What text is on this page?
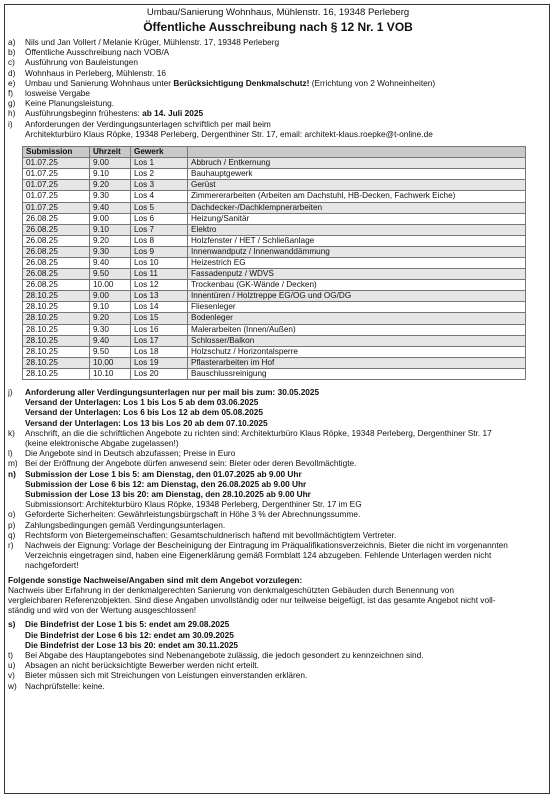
Umbau/Sanierung Wohnhaus, Mühlenstr. 16, 19348 Perleberg

Öffentliche Ausschreibung nach § 12 Nr. 1 VOB

a)	Nils und Jan Vollert / Melanie Krüger, Mühlenstr. 17, 19348 Perleberg
b)	Öffentliche Ausschreibung nach VOB/A
c)	Ausführung von Bauleistungen
d)	Wohnhaus in Perleberg, Mühlenstr. 16
e)	Umbau und Sanierung Wohnhaus unter Berücksichtigung Denkmalschutz! (Errichtung von 2 Wohneinheiten)
f)	losweise Vergabe
g)	Keine Planungsleistung.
h)	Ausführungsbeginn frühestens: ab 14. Juli 2025
i)	Anforderungen der Verdingungsunterlagen schriftlich per mail beim
Architekturbüro Klaus Röpke, 19348 Perleberg, Dergenthiner Str. 17, email: architekt-klaus.roepke@t-online.de
Submission	Uhrzeit	Gewerk	
01.07.25	9.00	Los 1	Abbruch / Entkernung
01.07.25	9.10	Los 2	Bauhauptgewerk
01.07.25	9.20	Los 3	Gerüst
01.07.25	9.30	Los 4	Zimmererarbeiten (Arbeiten am Dachstuhl, HB-Decken, Fachwerk Eiche)
01.07.25	9.40	Los 5	Dachdecker-/Dachklempnerarbeiten
26.08.25	9.00	Los 6	Heizung/Sanitär
26.08.25	9.10	Los 7	Elektro
26.08.25	9.20	Los 8	Holzfenster / HET / Schließanlage
26.08.25	9.30	Los 9	Innenwandputz / Innenwanddämmung
26.08.25	9.40	Los 10	Heizestrich EG
26.08.25	9.50	Los 11	Fassadenputz / WDVS
26.08.25	10.00	Los 12	Trockenbau (GK-Wände / Decken)
28.10.25	9.00	Los 13	Innentüren / Holztreppe EG/OG und OG/DG
28.10.25	9.10	Los 14	Fliesenleger
28.10.25	9.20	Los 15	Bodenleger
28.10.25	9.30	Los 16	Malerarbeiten (Innen/Außen)
28.10.25	9.40	Los 17	Schlosser/Balkon
28.10.25	9.50	Los 18	Holzschutz / Horizontalsperre
28.10.25	10.00	Los 19	Pflasterarbeiten im Hof
28.10.25	10.10	Los 20	Bauschlussreinigung
j)	Anforderung aller Verdingungsunterlagen nur per mail bis zum: 30.05.2025
Versand der Unterlagen: Los 1 bis Los 5 ab dem 03.06.2025
Versand der Unterlagen: Los 6 bis Los 12 ab dem 05.08.2025
Versand der Unterlagen: Los 13 bis Los 20 ab dem 07.10.2025
k)	Anschrift, an die die schriftlichen Angebote zu richten sind: Architekturbüro Klaus Röpke, 19348 Perleberg, Dergenthiner Str. 17
(keine elektronische Abgabe zugelassen!)
l)	Die Angebote sind in Deutsch abzufassen; Preise in Euro
m) Bei der Eröffnung der Angebote dürfen anwesend sein: Bieter oder deren Bevollmächtigte.
n)	Submission der Lose 1 bis 5: am Dienstag, den 01.07.2025 ab 9.00 Uhr
Submission der Lose 6 bis 12: am Dienstag, den 26.08.2025 ab 9.00 Uhr
Submission der Lose 13 bis 20: am Dienstag, den 28.10.2025 ab 9.00 Uhr
Submissionsort: Architekturbüro Klaus Röpke, 19348 Perleberg, Dergenthiner Str. 17 im EG
o)	Geforderte Sicherheiten: Gewährleistungsbürgschaft in Höhe 3 % der Abrechnungssumme.
p)	Zahlungsbedingungen gemäß Verdingungsunterlagen.
q)	Rechtsform von Bietergemeinschaften: Gesamtschuldnerisch haftend mit bevollmächtigtem Vertreter.
r)	Nachweis der Eignung: Vorlage der Bescheinigung der Eintragung im Präqualifikationsverzeichnis. Bieter die nicht im vorgenannten
Verzeichnis eingetragen sind, haben eine Eigenerklärung gemäß Formblatt 124 abzugeben. Fehlende Unterlagen werden nicht
nachgefordert!
Folgende sonstige Nachweise/Angaben sind mit dem Angebot vorzulegen:
Nachweis über Erfahrung in der denkmalgerechten Sanierung von denkmalgeschützten Gebäuden durch Benennung von
vergleichbaren Referenzobjekten. Sind diese Angaben unvollständig oder nur teilweise beigefügt, ist das gesamte Angebot nicht voll-
ständig und wird von der Wertung ausgeschlossen!
s)	Die Bindefrist der Lose 1 bis 5: endet am 29.08.2025
Die Bindefrist der Lose 6 bis 12: endet am 30.09.2025
Die Bindefrist der Lose 13 bis 20: endet am 30.11.2025
t)	Bei Abgabe des Hauptangebotes sind Nebenangebote zulässig, die jedoch gesondert zu kennzeichnen sind.
u)	Absagen an nicht berücksichtigte Bewerber werden nicht erteilt.
v)	Bieter müssen sich mit Streichungen von Leistungen einverstanden erklären.
w) Nachprüfstelle: keine.
